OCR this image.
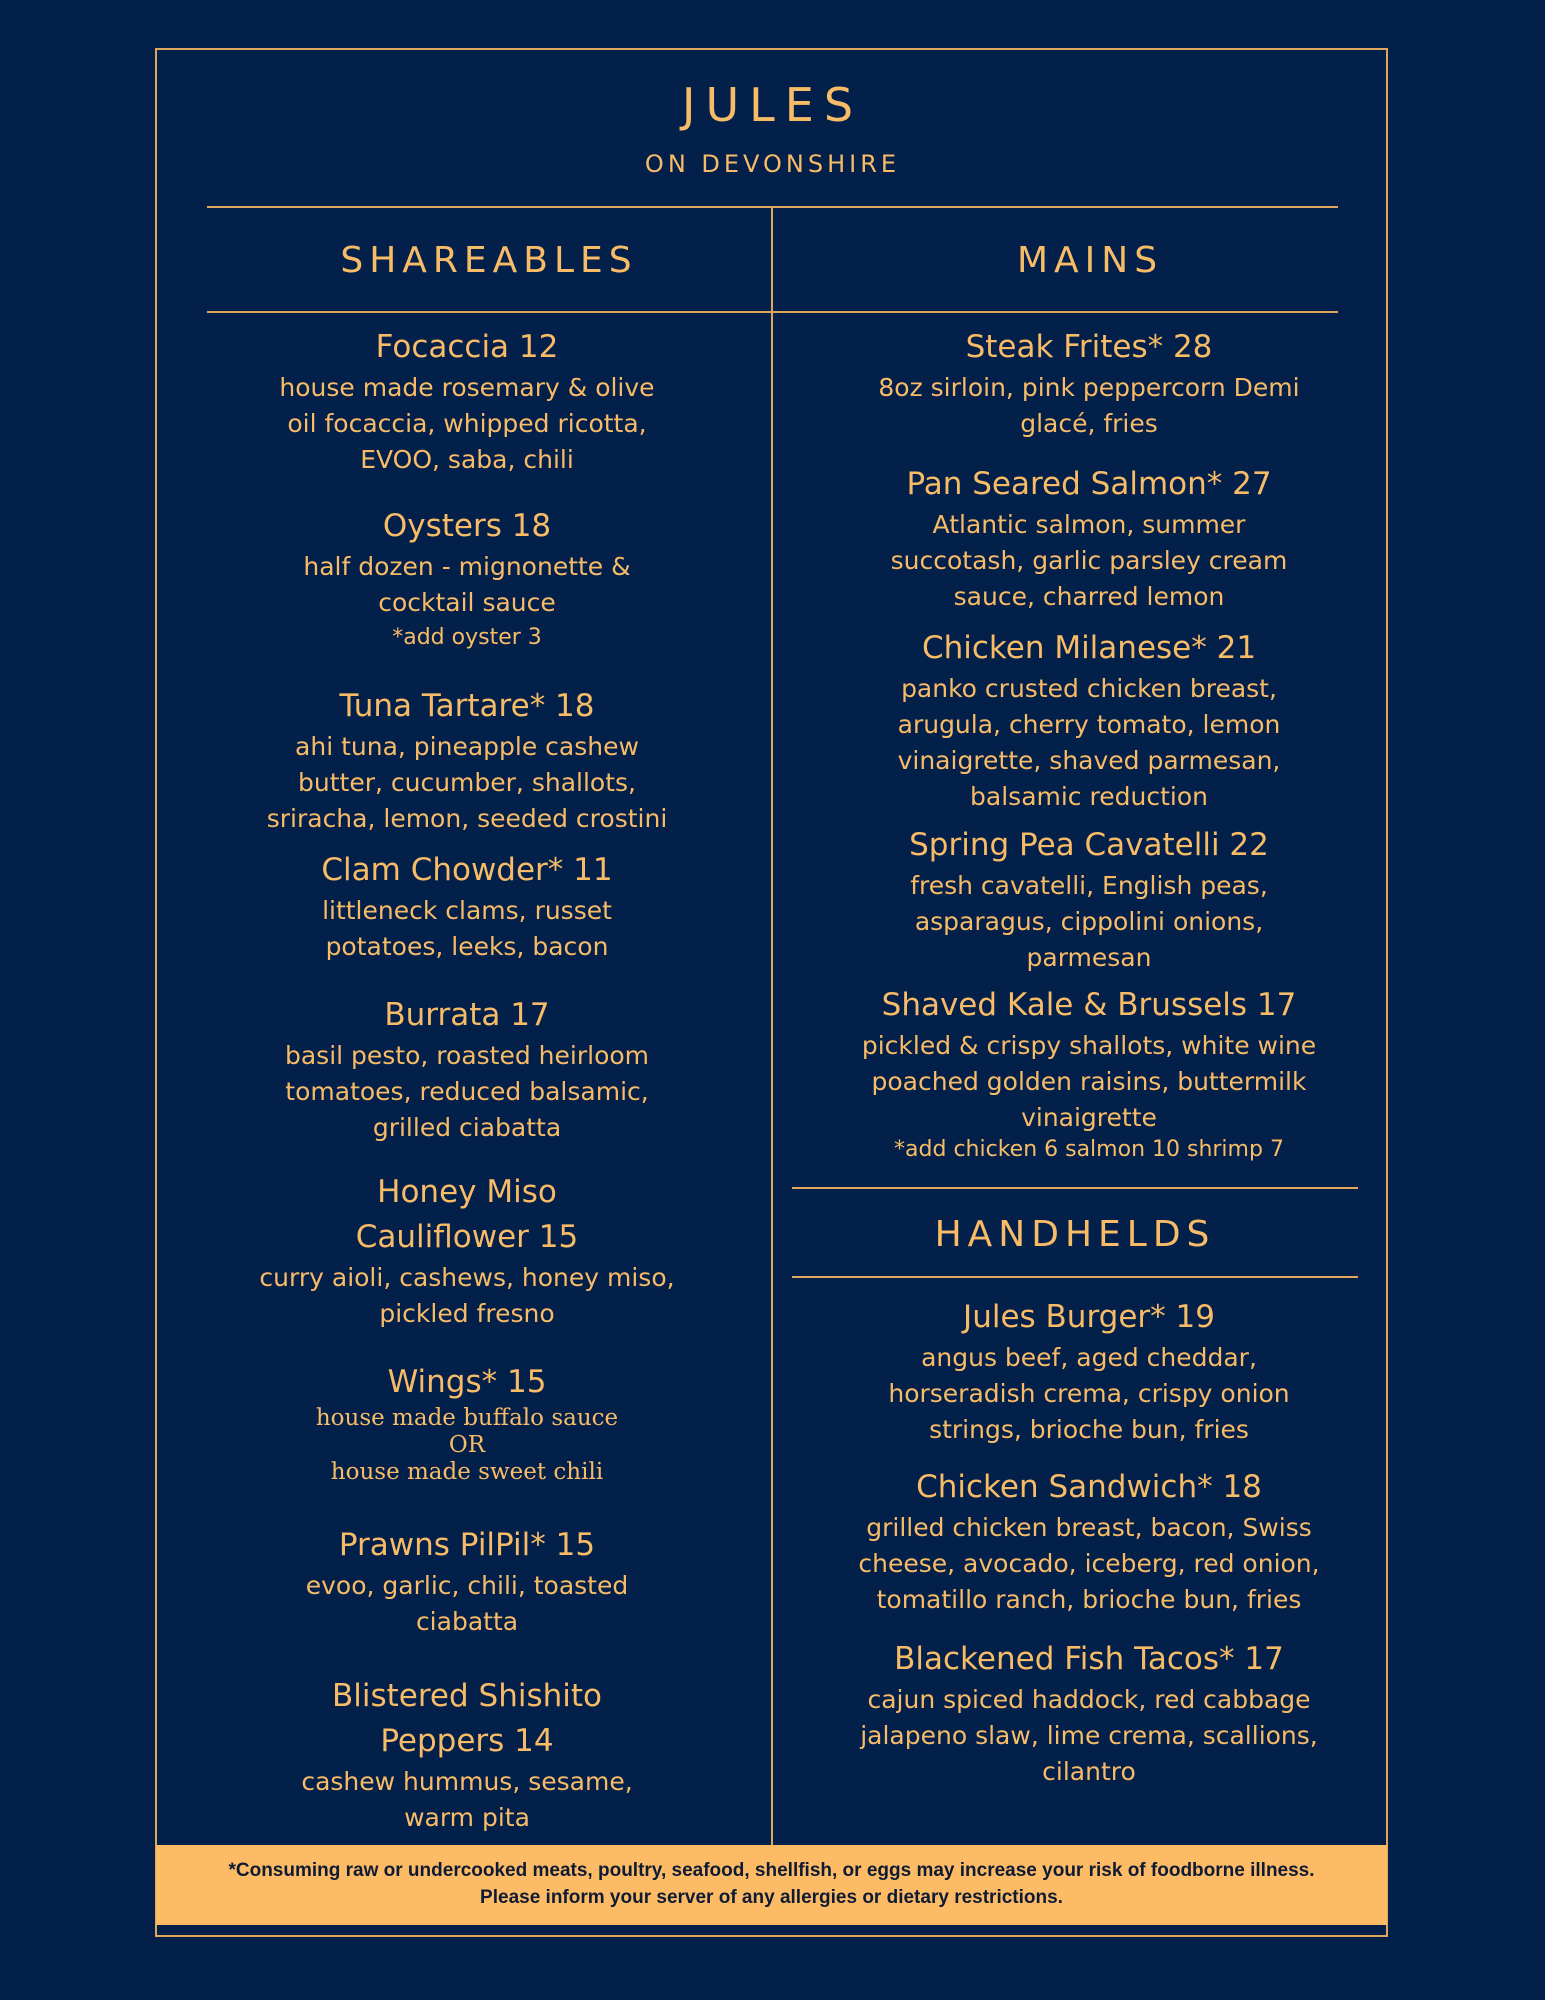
JULES
ON DEVONSHIRE
SHAREABLES	MAINS
HANDHELDS
Focaccia 12
house made rosemary & olive
oil focaccia, whipped ricotta,
EVOO, saba, chili
Oysters 18
half dozen - mignonette &
cocktail sauce
*add oyster 3
Tuna Tartare* 18
ahi tuna, pineapple cashew
butter, cucumber, shallots,
sriracha, lemon, seeded crostini
Clam Chowder* 11
littleneck clams, russet
potatoes, leeks, bacon
Burrata 17
basil pesto, roasted heirloom
tomatoes, reduced balsamic,
grilled ciabatta
Honey Miso
Cauliflower 15
curry aioli, cashews, honey miso,
pickled fresno
Wings* 15
house made buffalo sauce
OR
house made sweet chili
Prawns PilPil* 15
evoo, garlic, chili, toasted
ciabatta
Blistered Shishito
Peppers 14
cashew hummus, sesame,
warm pita
Steak Frites* 28
8oz sirloin, pink peppercorn Demi
glacé, fries
Pan Seared Salmon* 27
Atlantic salmon, summer
succotash, garlic parsley cream
sauce, charred lemon
Chicken Milanese* 21
panko crusted chicken breast,
arugula, cherry tomato, lemon
vinaigrette, shaved parmesan,
balsamic reduction
Spring Pea Cavatelli 22
fresh cavatelli, English peas,
asparagus, cippolini onions,
parmesan
Shaved Kale & Brussels 17
pickled & crispy shallots, white wine
poached golden raisins, buttermilk
vinaigrette
*add chicken 6 salmon 10 shrimp 7
Jules Burger* 19
angus beef, aged cheddar,
horseradish crema, crispy onion
strings, brioche bun, fries
Chicken Sandwich* 18
grilled chicken breast, bacon, Swiss
cheese, avocado, iceberg, red onion,
tomatillo ranch, brioche bun, fries
Blackened Fish Tacos* 17
cajun spiced haddock, red cabbage
jalapeno slaw, lime crema, scallions,
cilantro
*Consuming raw or undercooked meats, poultry, seafood, shellfish, or eggs may increase your risk of foodborne illness.
Please inform your server of any allergies or dietary restrictions.
